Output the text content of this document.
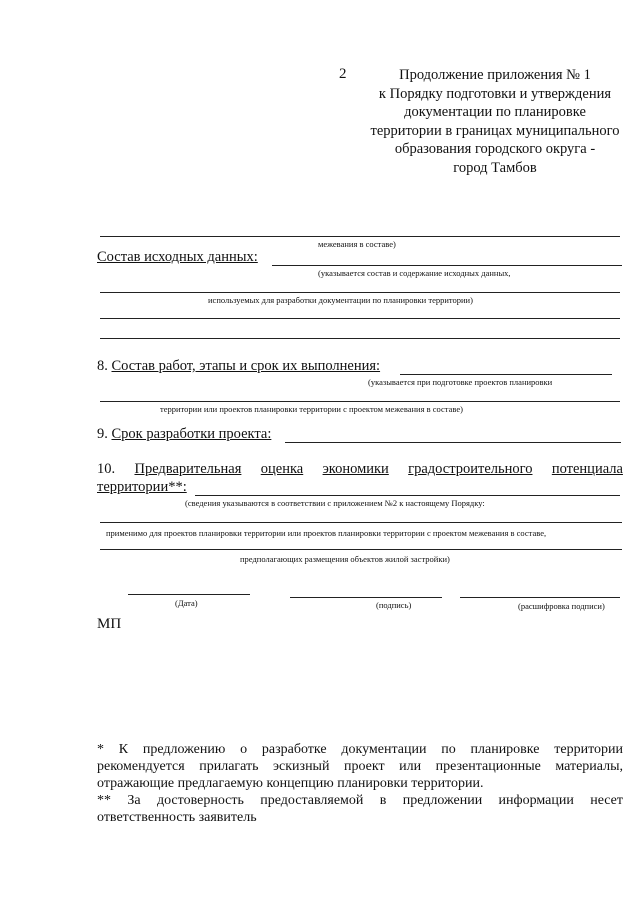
2	Продолжение приложения № 1
к Порядку подготовки и утверждения
документации по планировке
территории в границах муниципального
образования городского округа -
город Тамбов
межевания в составе)
Состав исходных данных:
(указывается состав и содержание исходных данных,
используемых для разработки документации по планировки территории)
8. Состав работ, этапы и срок их выполнения:
(указывается при подготовке проектов планировки
территории или проектов планировки территории с проектом межевания в составе)
9. Срок разработки проекта:
10. Предварительная оценка экономики градостроительного потенциала
территории**:
(сведения указываются в соответствии с приложением №2 к настоящему Порядку:
применимо для проектов планировки территории или проектов планировки территории с проектом межевания в составе,
предполагающих размещения объектов жилой застройки)
(Дата)	(подпись)	(расшифровка подписи)
МП
* К предложению о разработке документации по планировке территории рекомендуется прилагать эскизный проект или презентационные материалы, отражающие предлагаемую концепцию планировки территории.
** За достоверность предоставляемой в предложении информации несет ответственность заявитель
